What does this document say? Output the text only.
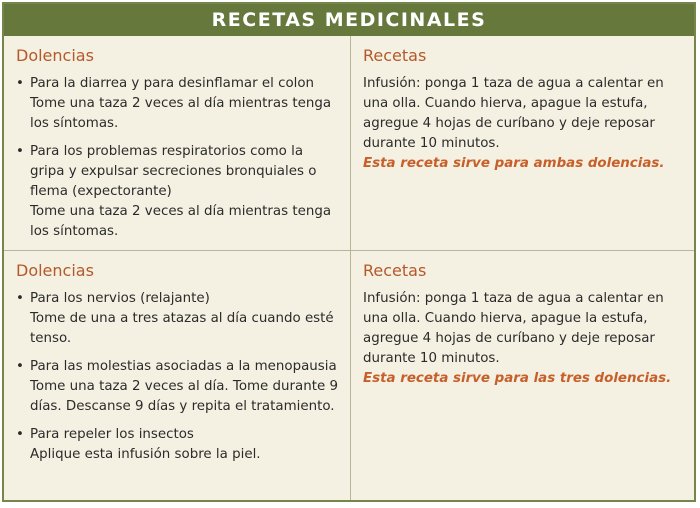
RECETAS MEDICINALES
Dolencias
• Para la diarrea y para desinflamar el colon
Tome una taza 2 veces al día mientras tenga los síntomas.
• Para los problemas respiratorios como la gripa y expulsar secreciones bronquiales o flema (expectorante)
Tome una taza 2 veces al día mientras tenga los síntomas.
Recetas
Infusión: ponga 1 taza de agua a calentar en una olla. Cuando hierva, apague la estufa, agregue 4 hojas de curíbano y deje reposar durante 10 minutos.
Esta receta sirve para ambas dolencias.
Dolencias
• Para los nervios (relajante)
Tome de una a tres atazas al día cuando esté tenso.
• Para las molestias asociadas a la menopausia
Tome una taza 2 veces al día. Tome durante 9 días. Descanse 9 días y repita el tratamiento.
• Para repeler los insectos
Aplique esta infusión sobre la piel.
Recetas
Infusión: ponga 1 taza de agua a calentar en una olla. Cuando hierva, apague la estufa, agregue 4 hojas de curíbano y deje reposar durante 10 minutos.
Esta receta sirve para las tres dolencias.
